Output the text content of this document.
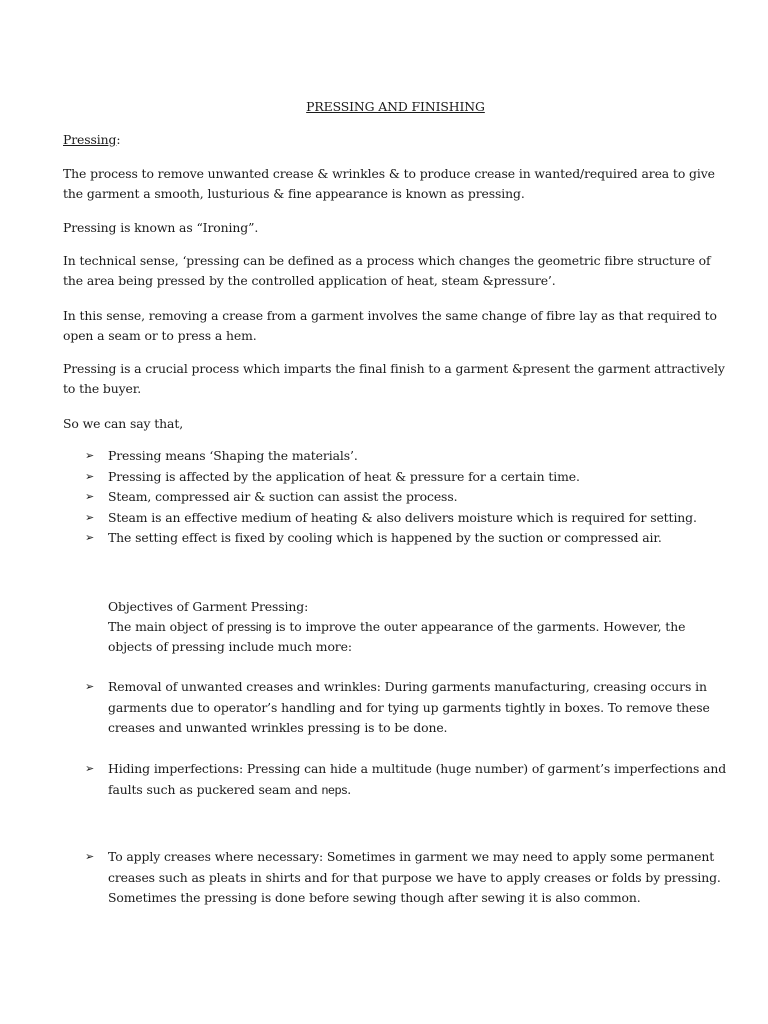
PRESSING AND FINISHING

Pressing:

The process to remove unwanted crease & wrinkles & to produce crease in wanted/required area to give the garment a smooth, lusturious & fine appearance is known as pressing.

Pressing is known as “Ironing”.

In technical sense, ‘pressing can be defined as a process which changes the geometric fibre structure of the area being pressed by the controlled application of heat, steam &pressure’.

In this sense, removing a crease from a garment involves the same change of fibre lay as that required to open a seam or to press a hem.

Pressing is a crucial process which imparts the final finish to a garment &present the garment attractively to the buyer.

So we can say that,

➢ Pressing means ‘Shaping the materials’.
➢ Pressing is affected by the application of heat & pressure for a certain time.
➢ Steam, compressed air & suction can assist the process.
➢ Steam is an effective medium of heating & also delivers moisture which is required for setting.
➢ The setting effect is fixed by cooling which is happened by the suction or compressed air.

Objectives of Garment Pressing:

The main object of pressing is to improve the outer appearance of the garments. However, the objects of pressing include much more:

➢ Removal of unwanted creases and wrinkles: During garments manufacturing, creasing occurs in garments due to operator’s handling and for tying up garments tightly in boxes. To remove these creases and unwanted wrinkles pressing is to be done.
➢ Hiding imperfections: Pressing can hide a multitude (huge number) of garment’s imperfections and faults such as puckered seam and neps.
➢ To apply creases where necessary: Sometimes in garment we may need to apply some permanent creases such as pleats in shirts and for that purpose we have to apply creases or folds by pressing. Sometimes the pressing is done before sewing though after sewing it is also common.
